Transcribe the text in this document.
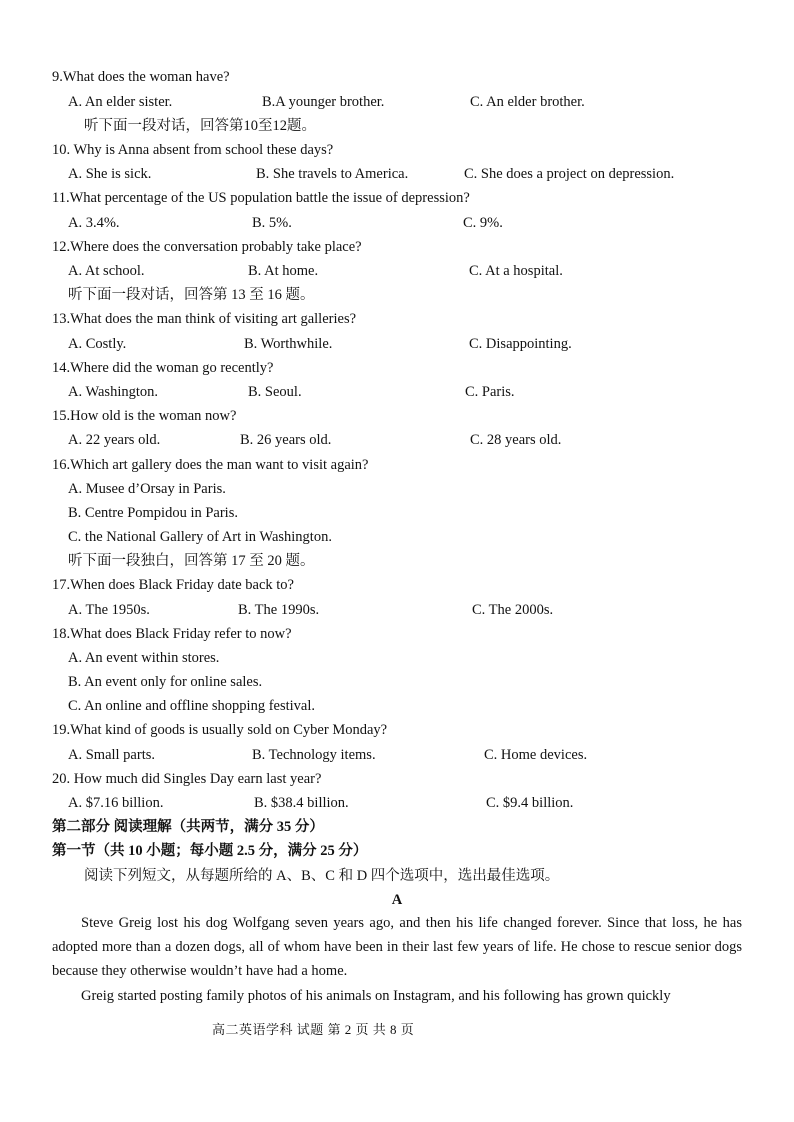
9.What does the woman have?
A. An elder sister.	B.A younger brother.	C. An elder brother.
听下面一段对话，回答第10至12题。
10. Why is Anna absent from school these days?
A. She is sick.	B. She travels to America.	C. She does a project on depression.
11.What percentage of the US population battle the issue of depression?
A. 3.4%.	B. 5%.	C. 9%.
12.Where does the conversation probably take place?
A. At school.	B. At home.	C. At a hospital.
听下面一段对话，回答第 13 至 16 题。
13.What does the man think of visiting art galleries?
A. Costly.	B. Worthwhile.	C. Disappointing.
14.Where did the woman go recently?
A. Washington.	B. Seoul.	C. Paris.
15.How old is the woman now?
A. 22 years old.	B. 26 years old.	C. 28 years old.
16.Which art gallery does the man want to visit again?
A. Musee d’Orsay in Paris.
B. Centre Pompidou in Paris.
C. the National Gallery of Art in Washington.
听下面一段独白，回答第 17 至 20 题。
17.When does Black Friday date back to?
A. The 1950s.	B. The 1990s.	C. The 2000s.
18.What does Black Friday refer to now?
A. An event within stores.
B. An event only for online sales.
C. An online and offline shopping festival.
19.What kind of goods is usually sold on Cyber Monday?
A. Small parts.	B. Technology items.	C. Home devices.
20. How much did Singles Day earn last year?
A. $7.16 billion.	B. $38.4 billion.	C. $9.4 billion.
第二部分 阅读理解（共两节，满分 35 分）
第一节（共 10 小题；每小题 2.5 分，满分 25 分）
阅读下列短文，从每题所给的 A、B、C 和 D 四个选项中，选出最佳选项。
A
Steve Greig lost his dog Wolfgang seven years ago, and then his life changed forever. Since that loss, he has adopted more than a dozen dogs, all of whom have been in their last few years of life. He chose to rescue senior dogs because they otherwise wouldn’t have had a home.
Greig started posting family photos of his animals on Instagram, and his following has grown quickly
高二英语学科 试题 第 2 页 共 8 页
